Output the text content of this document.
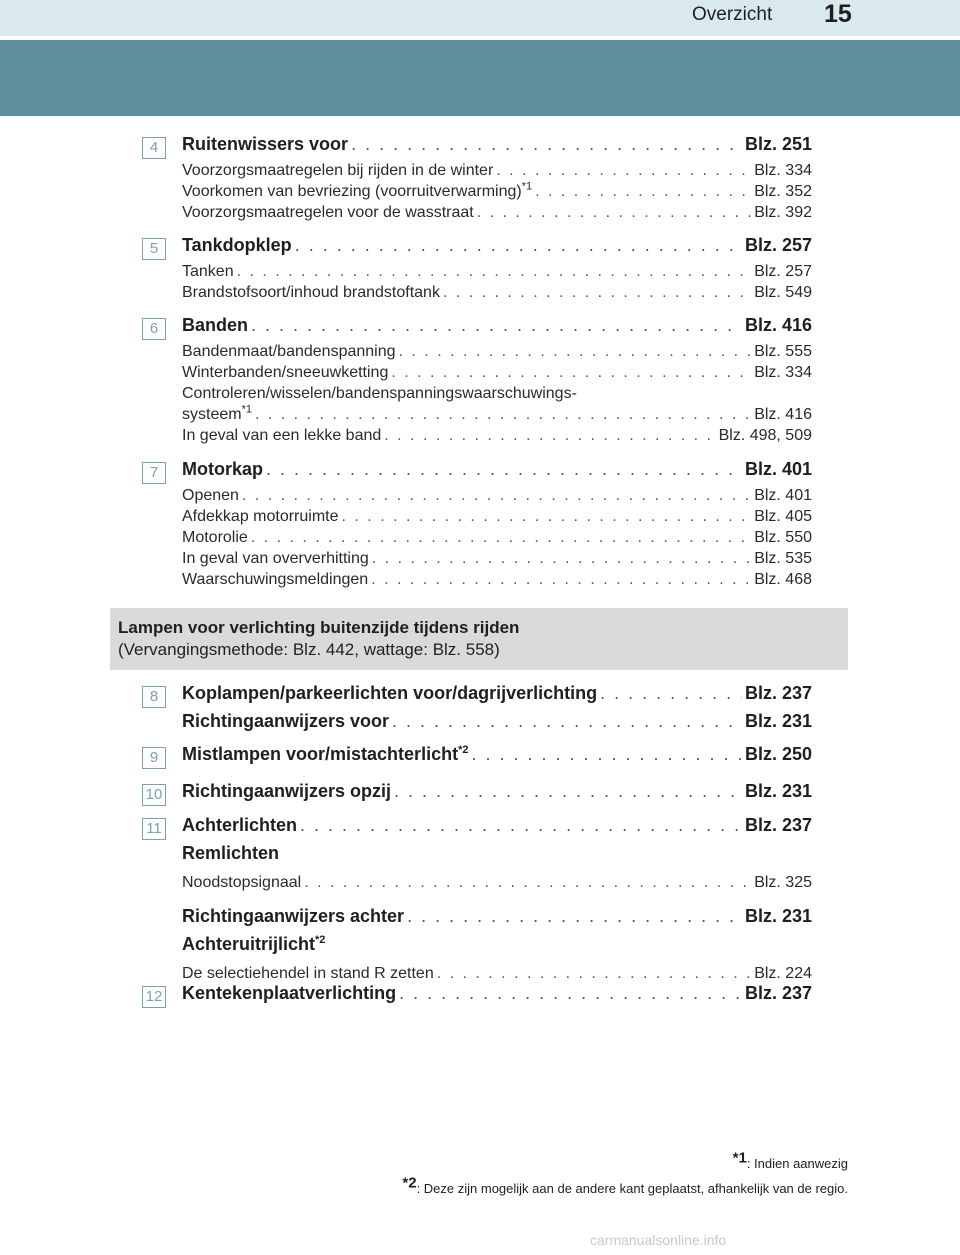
Overzicht 15
4	Ruitenwissers voor . . .	Blz. 251
Voorzorgsmaatregelen bij rijden in de winter . . .	Blz. 334
Voorkomen van bevriezing (voorruitverwarming)$^{*1}$ . . .	Blz. 352
Voorzorgsmaatregelen voor de wasstraat . . .	Blz. 392
5	Tankdopklep . . .	Blz. 257
Tanken . . .	Blz. 257
Brandstofsoort/inhoud brandstoftank . . .	Blz. 549
6	Banden . . .	Blz. 416
Bandenmaat/bandenspanning . . .	Blz. 555
Winterbanden/sneeuwketting . . .	Blz. 334
Controleren/wisselen/bandenspanningswaarschuwings-
systeem$^{*1}$ . . .	Blz. 416
In geval van een lekke band . . .	Blz. 498, 509
7	Motorkap . . .	Blz. 401
Openen . . .	Blz. 401
Afdekkap motorruimte . . .	Blz. 405
Motorolie . . .	Blz. 550
In geval van oververhitting . . .	Blz. 535
Waarschuwingsmeldingen . . .	Blz. 468
Lampen voor verlichting buitenzijde tijdens rijden
(Vervangingsmethode: Blz. 442, wattage: Blz. 558)
8	Koplampen/parkeerlichten voor/dagrijverlichting . . .	Blz. 237
Richtingaanwijzers voor . . .	Blz. 231
9	Mistlampen voor/mistachterlicht$^{*2}$ . . .	Blz. 250
10 Richtingaanwijzers opzij . . .	Blz. 231
11 Achterlichten . . .	Blz. 237
Remlichten
Noodstopsignaal . . .	Blz. 325
Richtingaanwijzers achter . . .	Blz. 231
Achteruitrijlicht$^{*2}$
De selectiehendel in stand R zetten . . .	Blz. 224
12 Kentekenplaatverlichting . . .	Blz. 237
$^{*1}$: Indien aanwezig
$^{*2}$: Deze zijn mogelijk aan de andere kant geplaatst, afhankelijk van de regio.
carmanualsonline.info
